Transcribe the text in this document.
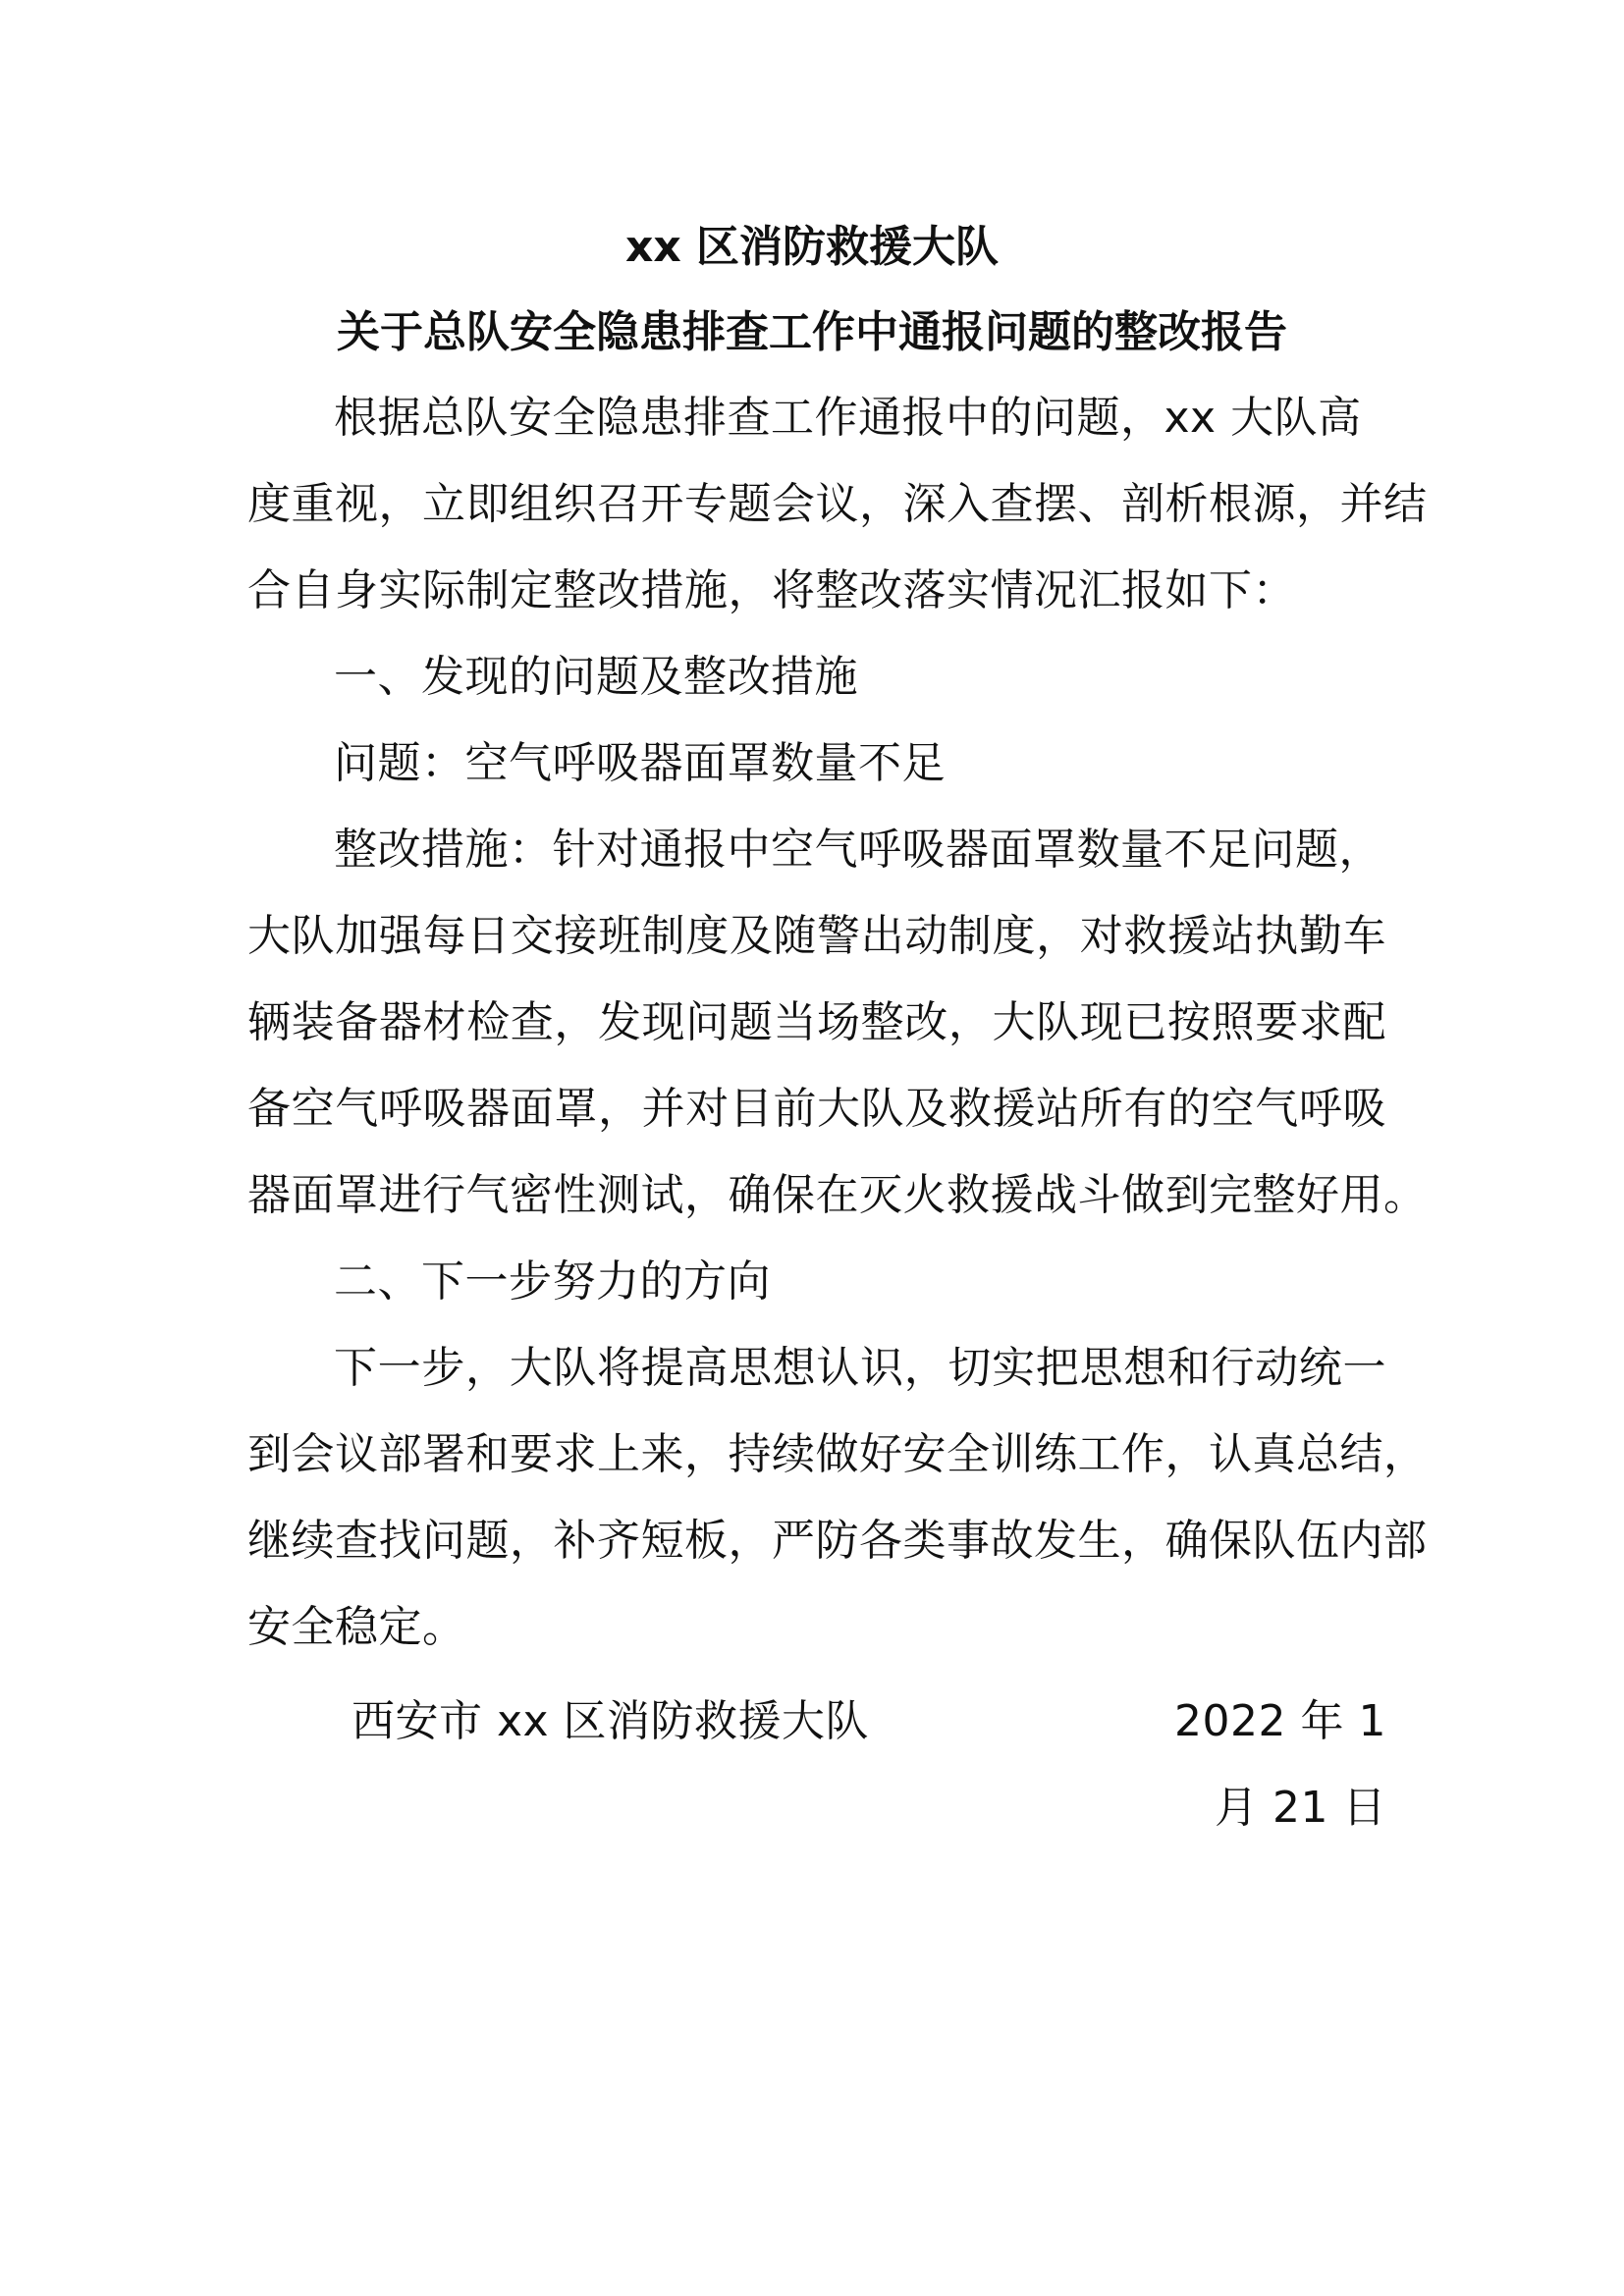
xx 区消防救援大队
关于总队安全隐患排查工作中通报问题的整改报告
根据总队安全隐患排查工作通报中的问题，xx 大队高
度重视，立即组织召开专题会议，深入查摆、剖析根源，并结
合自身实际制定整改措施，将整改落实情况汇报如下：
一、发现的问题及整改措施
问题：空气呼吸器面罩数量不足
整改措施：针对通报中空气呼吸器面罩数量不足问题，
大队加强每日交接班制度及随警出动制度，对救援站执勤车
辆装备器材检查，发现问题当场整改，大队现已按照要求配
备空气呼吸器面罩，并对目前大队及救援站所有的空气呼吸
器面罩进行气密性测试，确保在灭火救援战斗做到完整好用。
二、下一步努力的方向
下一步，大队将提高思想认识，切实把思想和行动统一
到会议部署和要求上来，持续做好安全训练工作，认真总结，
继续查找问题，补齐短板，严防各类事故发生，确保队伍内部
安全稳定。
西安市 xx 区消防救援大队	2022 年 1
月 21 日
